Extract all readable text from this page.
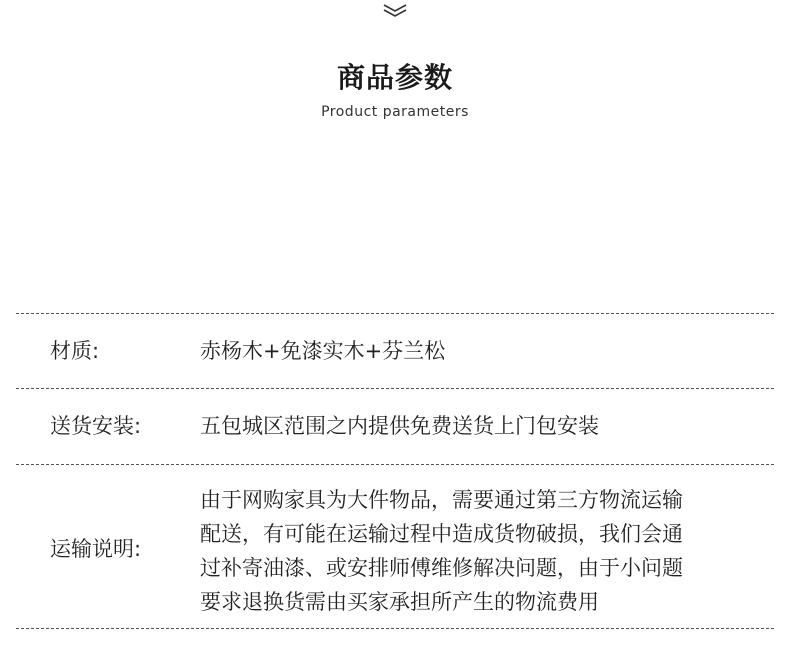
商品参数
Product parameters
材质:	赤杨木+免漆实木+芬兰松
送货安装:	五包城区范围之内提供免费送货上门包安装
运输说明:
由于网购家具为大件物品，需要通过第三方物流运输
配送，有可能在运输过程中造成货物破损，我们会通
过补寄油漆、或安排师傅维修解决问题，由于小问题
要求退换货需由买家承担所产生的物流费用
